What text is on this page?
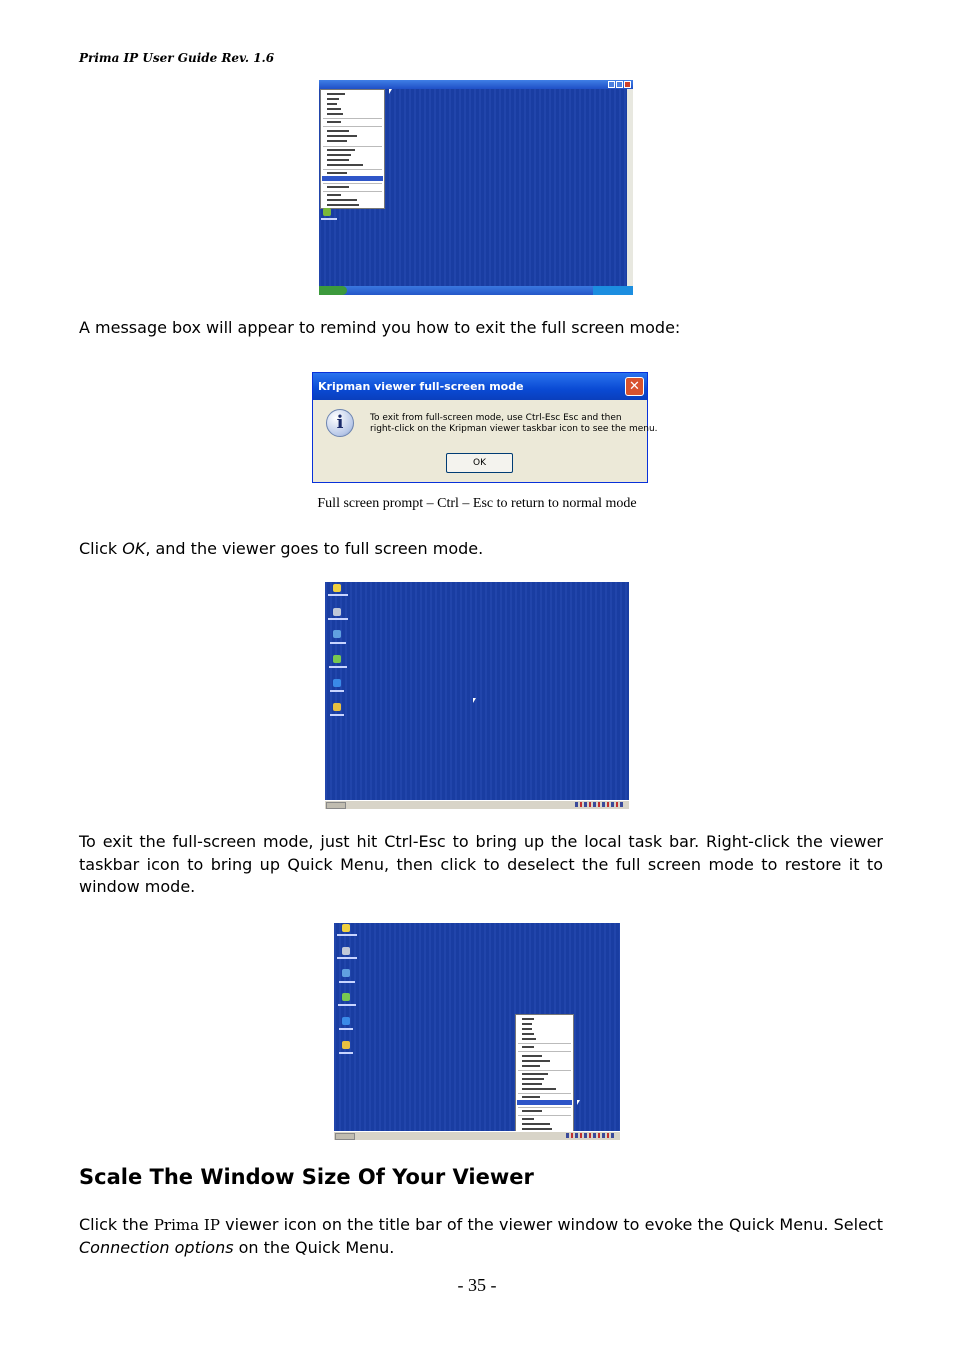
Prima IP User Guide Rev. 1.6
A message box will appear to remind you how to exit the full screen mode:
Kripman viewer full-screen mode	✕
i	To exit from full-screen mode, use Ctrl-Esc Esc and then
right-click on the Kripman viewer taskbar icon to see the menu.
OK
Full screen prompt – Ctrl – Esc to return to normal mode
Click OK, and the viewer goes to full screen mode.
To exit the full-screen mode, just hit Ctrl-Esc to bring up the local task bar. Right-click the viewer taskbar icon to bring up Quick Menu, then click to deselect the full screen mode to restore it to window mode.
Scale The Window Size Of Your Viewer
Click the Prima IP viewer icon on the title bar of the viewer window to evoke the Quick Menu. Select Connection options on the Quick Menu.
- 35 -
